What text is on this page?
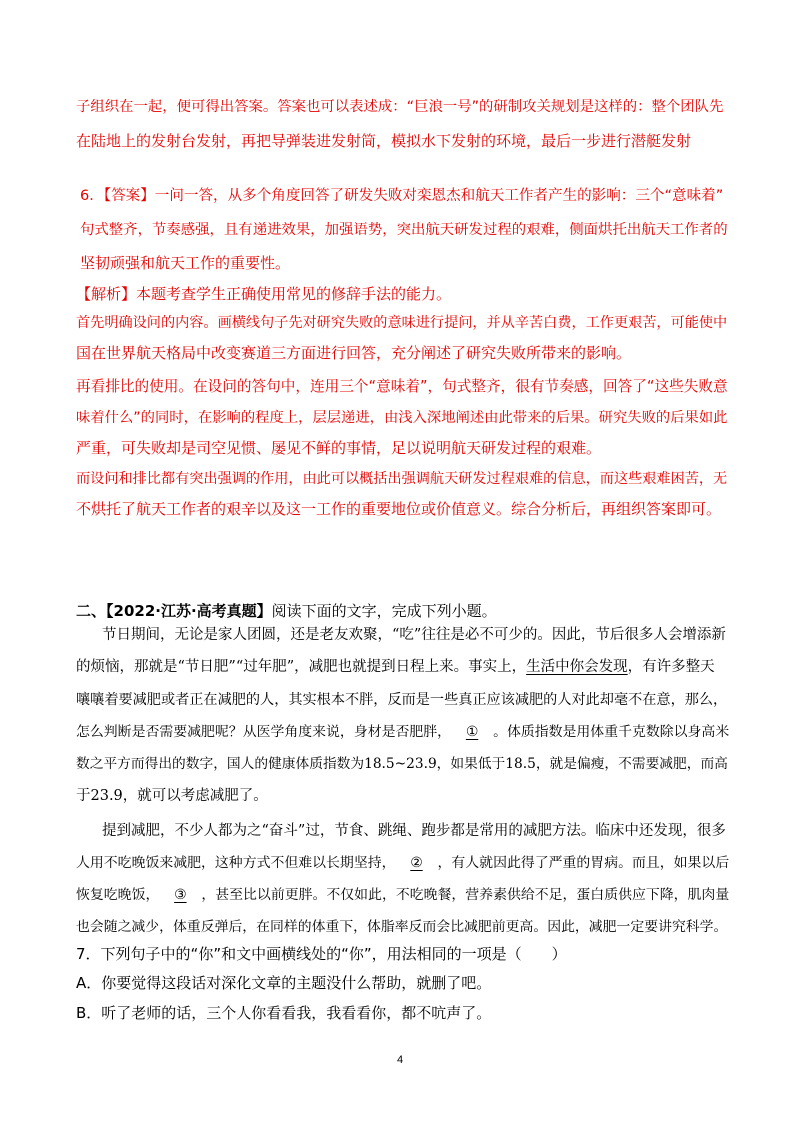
子组织在一起，便可得出答案。答案也可以表述成：“巨浪一号”的研制攻关规划是这样的：整个团队先
在陆地上的发射台发射，再把导弹装进发射筒，模拟水下发射的环境，最后一步进行潜艇发射
6．【答案】一问一答，从多个角度回答了研发失败对栾恩杰和航天工作者产生的影响：三个“意味着”
句式整齐，节奏感强，且有递进效果，加强语势，突出航天研发过程的艰难，侧面烘托出航天工作者的
坚韧顽强和航天工作的重要性。
【解析】本题考查学生正确使用常见的修辞手法的能力。
首先明确设问的内容。画横线句子先对研究失败的意味进行提问，并从辛苦白费，工作更艰苦，可能使中
国在世界航天格局中改变赛道三方面进行回答，充分阐述了研究失败所带来的影响。
再看排比的使用。在设问的答句中，连用三个“意味着”，句式整齐，很有节奏感，回答了“这些失败意
味着什么”的同时，在影响的程度上，层层递进，由浅入深地阐述由此带来的后果。研究失败的后果如此
严重，可失败却是司空见惯、屡见不鲜的事情，足以说明航天研发过程的艰难。
而设问和排比都有突出强调的作用，由此可以概括出强调航天研发过程艰难的信息，而这些艰难困苦，无
不烘托了航天工作者的艰辛以及这一工作的重要地位或价值意义。综合分析后，再组织答案即可。
二、【2022·江苏·高考真题】阅读下面的文字，完成下列小题。
节日期间，无论是家人团圆，还是老友欢聚，“吃”往往是必不可少的。因此，节后很多人会增添新
的烦恼，那就是“节日肥”“过年肥”，减肥也就提到日程上来。事实上，生活中你会发现，有许多整天
嚷嚷着要减肥或者正在减肥的人，其实根本不胖，反而是一些真正应该减肥的人对此却毫不在意，那么，
怎么判断是否需要减肥呢？从医学角度来说，身材是否肥胖， ① 。体质指数是用体重千克数除以身高米
数之平方而得出的数字，国人的健康体质指数为18.5~23.9，如果低于18.5，就是偏瘦，不需要减肥，而高
于23.9，就可以考虑减肥了。
提到减肥，不少人都为之“奋斗”过，节食、跳绳、跑步都是常用的减肥方法。临床中还发现，很多
人用不吃晚饭来减肥，这种方式不但难以长期坚持， ② ，有人就因此得了严重的胃病。而且，如果以后
恢复吃晚饭， ③ ，甚至比以前更胖。不仅如此，不吃晚餐，营养素供给不足，蛋白质供应下降，肌肉量
也会随之减少，体重反弹后，在同样的体重下，体脂率反而会比减肥前更高。因此，减肥一定要讲究科学。
7．下列句子中的“你”和文中画横线处的“你”，用法相同的一项是（　　）
A．你要觉得这段话对深化文章的主题没什么帮助，就删了吧。
B．听了老师的话，三个人你看看我，我看看你，都不吭声了。
4
